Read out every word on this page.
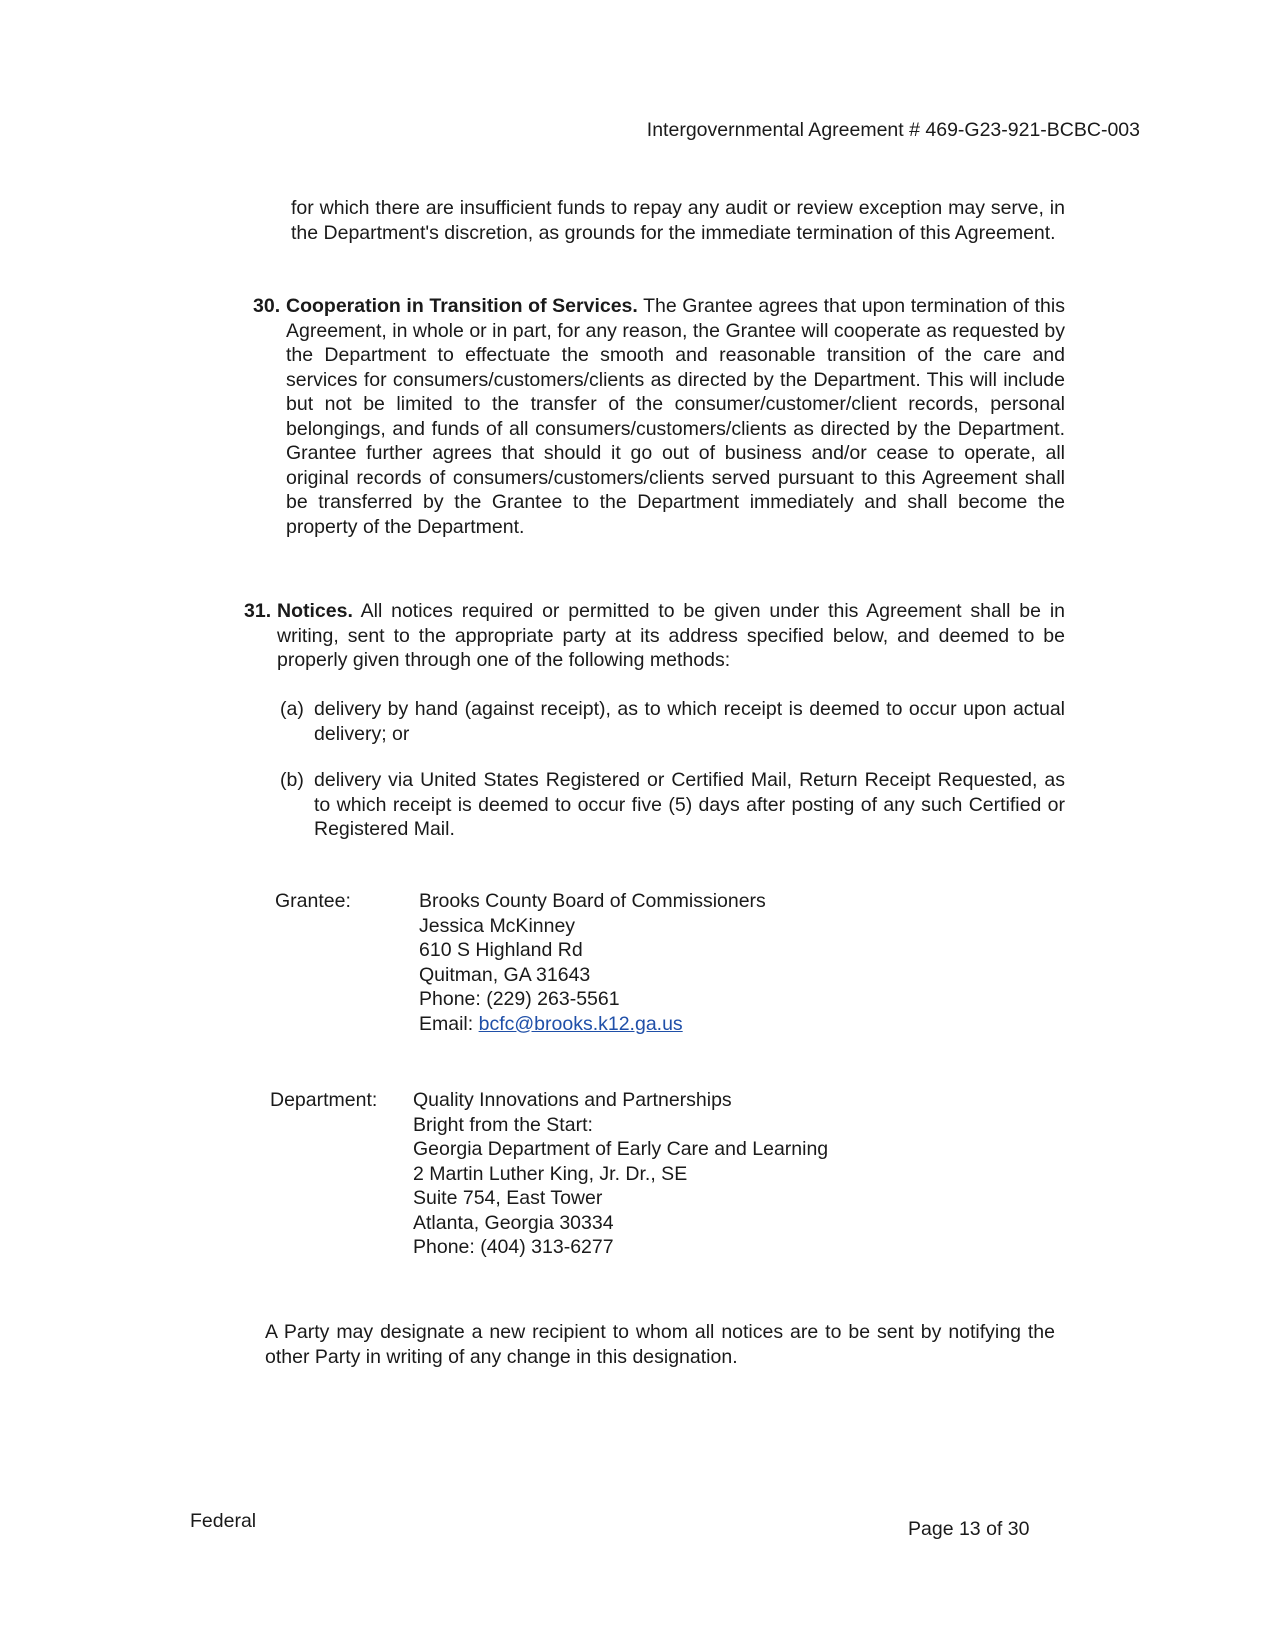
Intergovernmental Agreement # 469-G23-921-BCBC-003
for which there are insufficient funds to repay any audit or review exception may serve, in the Department's discretion, as grounds for the immediate termination of this Agreement.
30. Cooperation in Transition of Services. The Grantee agrees that upon termination of this Agreement, in whole or in part, for any reason, the Grantee will cooperate as requested by the Department to effectuate the smooth and reasonable transition of the care and services for consumers/customers/clients as directed by the Department. This will include but not be limited to the transfer of the consumer/customer/client records, personal belongings, and funds of all consumers/customers/clients as directed by the Department. Grantee further agrees that should it go out of business and/or cease to operate, all original records of consumers/customers/clients served pursuant to this Agreement shall be transferred by the Grantee to the Department immediately and shall become the property of the Department.
31. Notices. All notices required or permitted to be given under this Agreement shall be in writing, sent to the appropriate party at its address specified below, and deemed to be properly given through one of the following methods:
(a) delivery by hand (against receipt), as to which receipt is deemed to occur upon actual delivery; or
(b) delivery via United States Registered or Certified Mail, Return Receipt Requested, as to which receipt is deemed to occur five (5) days after posting of any such Certified or Registered Mail.
Grantee:	Brooks County Board of Commissioners
Jessica McKinney
610 S Highland Rd
Quitman, GA 31643
Phone: (229) 263-5561
Email: bcfc@brooks.k12.ga.us
Department: Quality Innovations and Partnerships
Bright from the Start:
Georgia Department of Early Care and Learning
2 Martin Luther King, Jr. Dr., SE
Suite 754, East Tower
Atlanta, Georgia 30334
Phone: (404) 313-6277
A Party may designate a new recipient to whom all notices are to be sent by notifying the other Party in writing of any change in this designation.
Federal	Page 13 of 30
